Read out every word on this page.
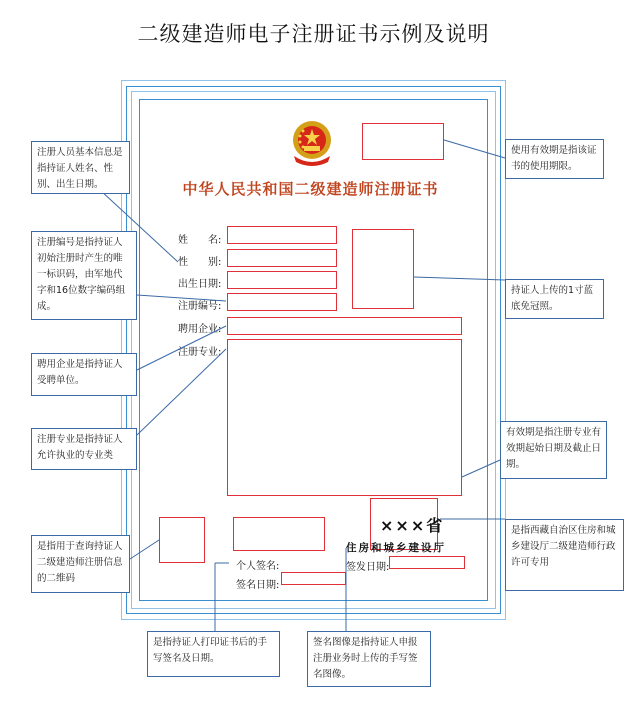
二级建造师电子注册证书示例及说明
中华人民共和国二级建造师注册证书
姓　　名:
性　　别:
出生日期:
注册编号:
聘用企业:
注册专业:
个人签名:
签名日期:
签发日期:
×××省
住房和城乡建设厅
注册人员基本信息是指持证人姓名、性别、出生日期。
注册编号是指持证人初始注册时产生的唯一标识码，由军地代字和16位数字编码组成。
聘用企业是指持证人受聘单位。
注册专业是指持证人允许执业的专业类
是指用于查询持证人二级建造师注册信息的二维码
使用有效期是指该证书的使用期限。
持证人上传的1寸蓝底免冠照。
有效期是指注册专业有效期起始日期及截止日期。
是指西藏自治区住房和城乡建设厅二级建造师行政许可专用
是指持证人打印证书后的手写签名及日期。
签名图像是指持证人申报注册业务时上传的手写签名图像。
